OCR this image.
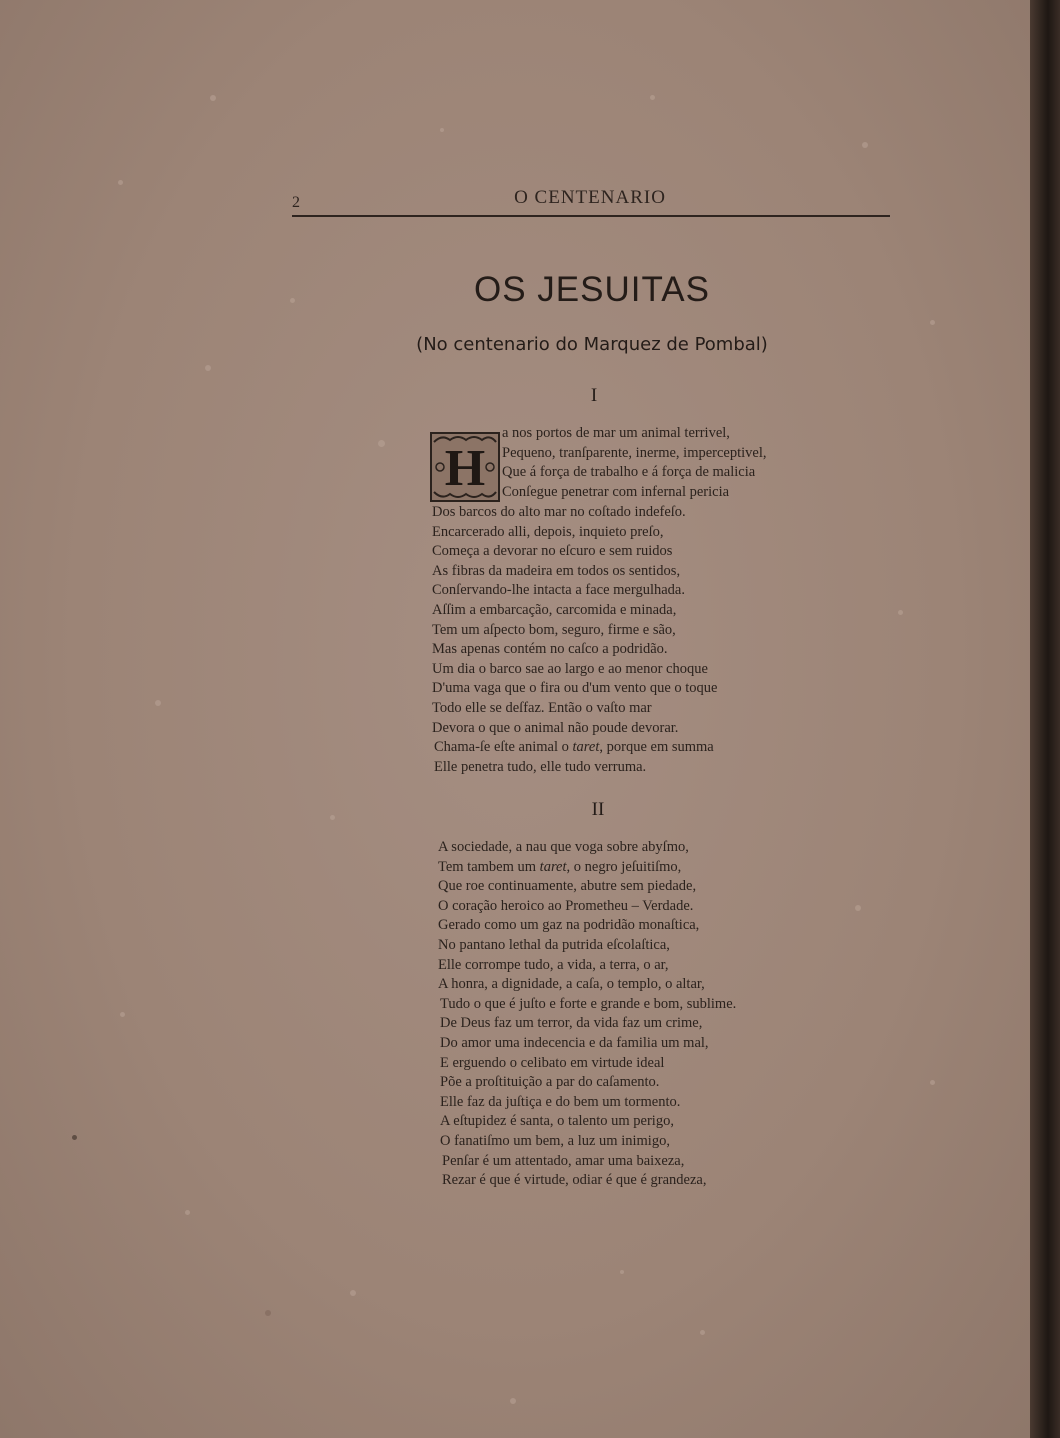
2	O CENTENARIO
OS JESUITAS
(No centenario do Marquez de Pombal)
I
H
a nos portos de mar um animal terrivel,
Pequeno, tranſparente, inerme, imperceptivel,
Que á força de trabalho e á força de malicia
Conſegue penetrar com infernal pericia
Dos barcos do alto mar no coſtado indefeſo.
Encarcerado alli, depois, inquieto preſo,
Começa a devorar no eſcuro e sem ruidos
As fibras da madeira em todos os sentidos,
Conſervando-lhe intacta a face mergulhada.
Aſſim a embarcação, carcomida e minada,
Tem um aſpecto bom, seguro, firme e são,
Mas apenas contém no caſco a podridão.
Um dia o barco sae ao largo e ao menor choque
D'uma vaga que o fira ou d'um vento que o toque
Todo elle se deſfaz. Então o vaſto mar
Devora o que o animal não poude devorar.
Chama-ſe eſte animal o taret, porque em summa
Elle penetra tudo, elle tudo verruma.
II
A sociedade, a nau que voga sobre abyſmo,
Tem tambem um taret, o negro jeſuitiſmo,
Que roe continuamente, abutre sem piedade,
O coração heroico ao Prometheu – Verdade.
Gerado como um gaz na podridão monaſtica,
No pantano lethal da putrida eſcolaſtica,
Elle corrompe tudo, a vida, a terra, o ar,
A honra, a dignidade, a caſa, o templo, o altar,
Tudo o que é juſto e forte e grande e bom, sublime.
De Deus faz um terror, da vida faz um crime,
Do amor uma indecencia e da familia um mal,
E erguendo o celibato em virtude ideal
Põe a proſtituição a par do caſamento.
Elle faz da juſtiça e do bem um tormento.
A eſtupidez é santa, o talento um perigo,
O fanatiſmo um bem, a luz um inimigo,
Penſar é um attentado, amar uma baixeza,
Rezar é que é virtude, odiar é que é grandeza,
